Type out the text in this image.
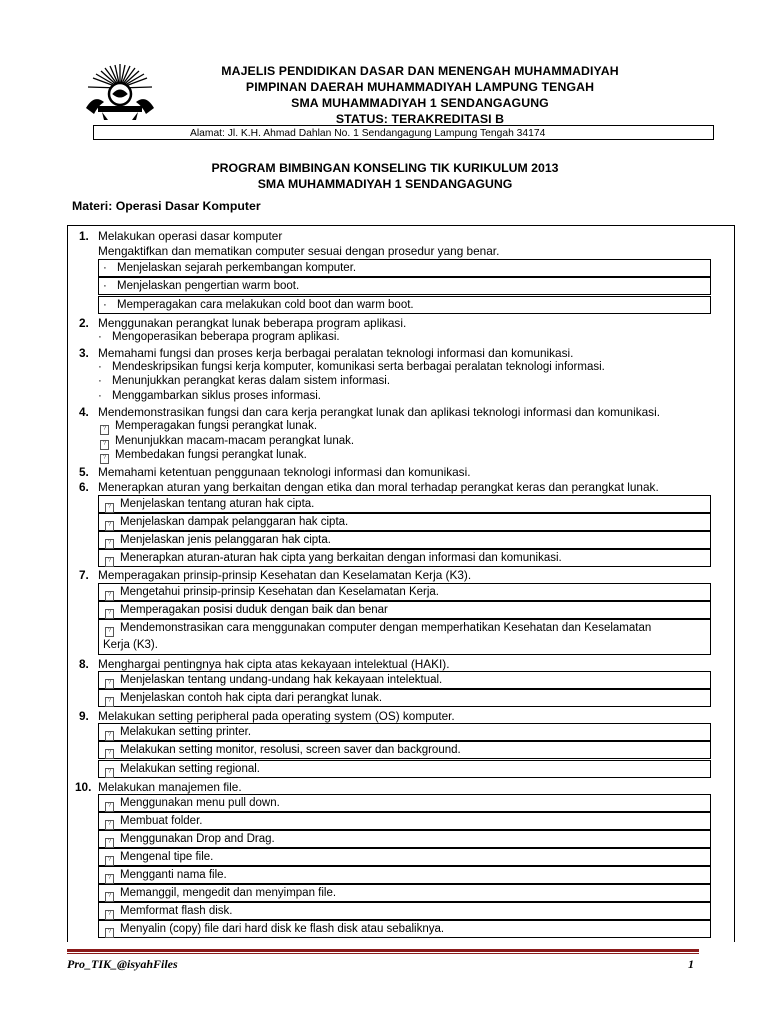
MAJELIS PENDIDIKAN DASAR DAN MENENGAH MUHAMMADIYAH
PIMPINAN DAERAH MUHAMMADIYAH LAMPUNG TENGAH
SMA MUHAMMADIYAH 1 SENDANGAGUNG
STATUS: TERAKREDITASI B
Alamat: Jl. K.H. Ahmad Dahlan No. 1 Sendangagung Lampung Tengah 34174
PROGRAM BIMBINGAN KONSELING TIK KURIKULUM 2013
SMA MUHAMMADIYAH 1 SENDANGAGUNG
Materi: Operasi Dasar Komputer
1. Melakukan operasi dasar komputer
Mengaktifkan dan mematikan computer sesuai dengan prosedur yang benar.
· Menjelaskan sejarah perkembangan komputer.
· Menjelaskan pengertian warm boot.
· Memperagakan cara melakukan cold boot dan warm boot.
2. Menggunakan perangkat lunak beberapa program aplikasi.
· Mengoperasikan beberapa program aplikasi.
3. Memahami fungsi dan proses kerja berbagai peralatan teknologi informasi dan komunikasi.
· Mendeskripsikan fungsi kerja komputer, komunikasi serta berbagai peralatan teknologi informasi.
· Menunjukkan perangkat keras dalam sistem informasi.
· Menggambarkan siklus proses informasi.
4. Mendemonstrasikan fungsi dan cara kerja perangkat lunak dan aplikasi teknologi informasi dan komunikasi.
? Memperagakan fungsi perangkat lunak.
? Menunjukkan macam-macam perangkat lunak.
? Membedakan fungsi perangkat lunak.
5. Memahami ketentuan penggunaan teknologi informasi dan komunikasi.
6. Menerapkan aturan yang berkaitan dengan etika dan moral terhadap perangkat keras dan perangkat lunak.
? Menjelaskan tentang aturan hak cipta.
? Menjelaskan dampak pelanggaran hak cipta.
? Menjelaskan jenis pelanggaran hak cipta.
? Menerapkan aturan-aturan hak cipta yang berkaitan dengan informasi dan komunikasi.
7. Memperagakan prinsip-prinsip Kesehatan dan Keselamatan Kerja (K3).
? Mengetahui prinsip-prinsip Kesehatan dan Keselamatan Kerja.
? Memperagakan posisi duduk dengan baik dan benar
? Mendemonstrasikan cara menggunakan computer dengan memperhatikan Kesehatan dan Keselamatan
Kerja (K3).
8. Menghargai pentingnya hak cipta atas kekayaan intelektual (HAKI).
? Menjelaskan tentang undang-undang hak kekayaan intelektual.
? Menjelaskan contoh hak cipta dari perangkat lunak.
9. Melakukan setting peripheral pada operating system (OS) komputer.
? Melakukan setting printer.
? Melakukan setting monitor, resolusi, screen saver dan background.
? Melakukan setting regional.
10. Melakukan manajemen file.
? Menggunakan menu pull down.
? Membuat folder.
? Menggunakan Drop and Drag.
? Mengenal tipe file.
? Mengganti nama file.
? Memanggil, mengedit dan menyimpan file.
? Memformat flash disk.
? Menyalin (copy) file dari hard disk ke flash disk atau sebaliknya.
Pro_TIK_@isyahFiles	1
